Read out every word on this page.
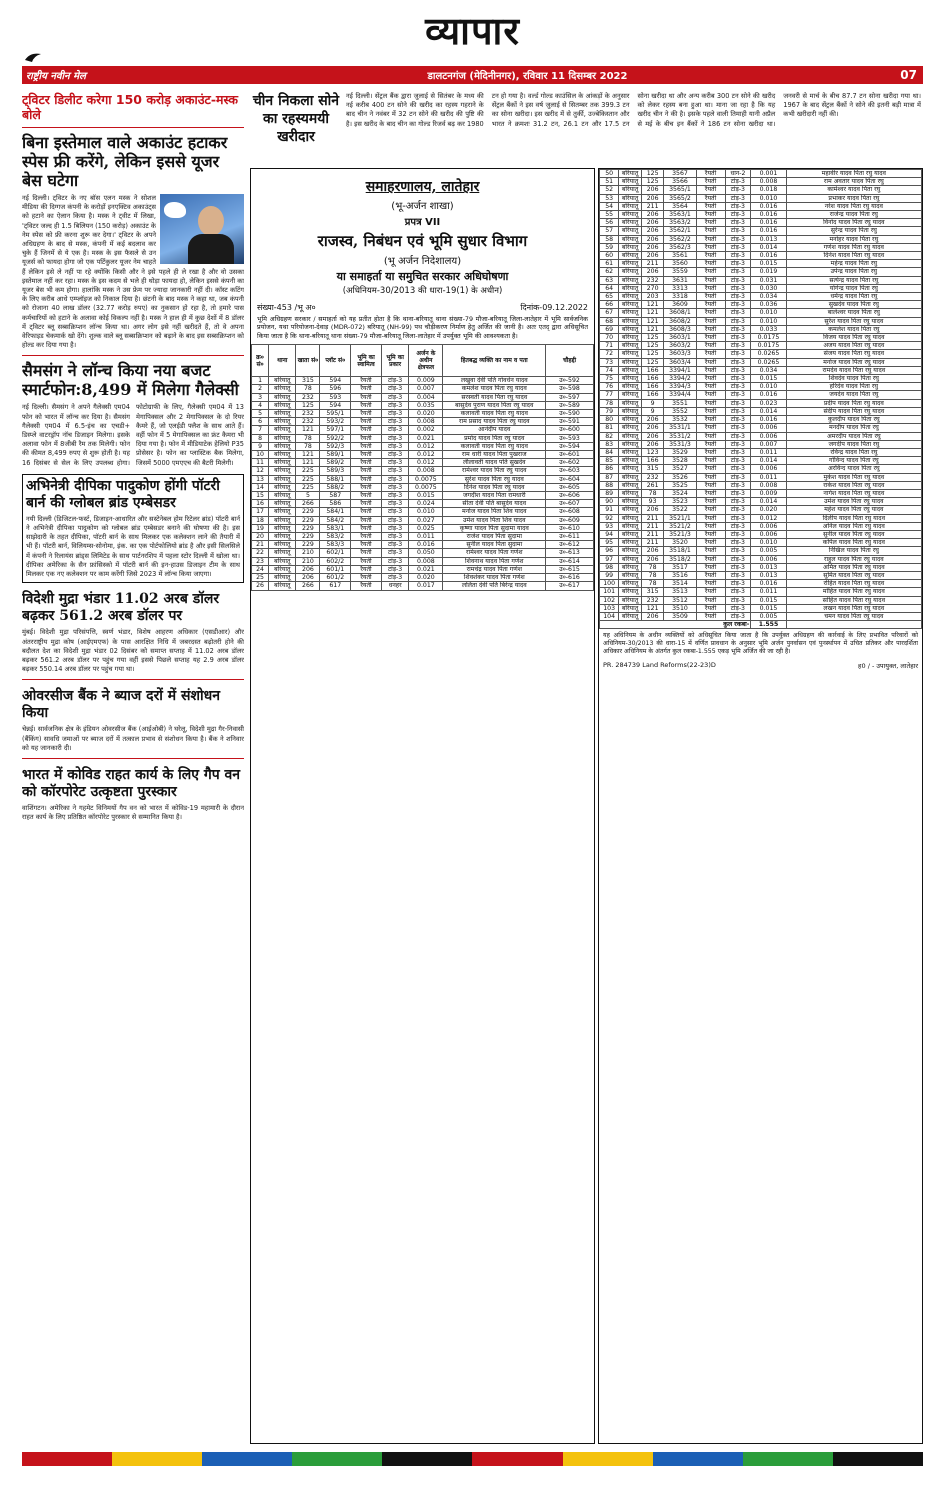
व्यापार
राष्ट्रीय नवीन मेल	डालटनगंज (मेदिनीनगर), रविवार 11 दिसम्बर 2022	07
ट्विटर डिलीट करेगा 150 करोड़ अकाउंट-मस्क बोले
बिना इस्तेमाल वाले अकाउंट हटाकर स्पेस फ्री करेंगे, लेकिन इससे यूजर बेस घटेगा
नई दिल्ली। ट्विटर के नए बॉस एलन मस्क ने सोशल मीडिया की दिग्गज कंपनी के करोड़ों इनएक्टिव अकाउंट्स को हटाने का ऐलान किया है। मस्क ने ट्वीट में लिखा, 'ट्विटर जल्द ही 1.5 बिलियन (150 करोड़) अकाउंट के नेम स्पेस को फ्री करना शुरू कर देगा।' ट्विटर के अपने अधिग्रहण के बाद से मस्क, कंपनी में कई बदलाव कर चुके हैं जिनमें से ये एक है। मस्क के इस फैसले से उन यूजर्स को फायदा होगा जो एक पर्टिकुलर यूजर नेम चाहते हैं लेकिन इसे ले नहीं पा रहे क्योंकि किसी और ने इसे पहले ही ले रखा है और वो उसका इस्तेमाल नहीं कर रहा। मस्क के इस कदम से भले ही थोड़ा फायदा हो, लेकिन इससे कंपनी का यूजर बेस भी कम होगा। हालांकि मस्क ने उस फ्रेम पर ज्यादा जानकारी नहीं दी। कॉस्ट कटिंग के लिए करीब आधे एम्प्लॉइज को निकाल दिया है। छंटनी के बाद मस्क ने कहा था, जब कंपनी को रोजाना 40 लाख डॉलर (32.77 करोड़ रुपए) का नुकसान हो रहा है, तो हमारे पास कर्मचारियों को हटाने के अलावा कोई विकल्प नहीं है। मस्क ने हाल ही में कुछ देशों में 8 डॉलर में ट्विटर ब्लू सब्सक्रिप्शन लॉन्च किया था। अगर लोग इसे नहीं खरीदते हैं, तो वे अपना वेरिफाइड चेकमार्क खो देंगे। शुल्क वाले ब्लू सब्सक्रिप्शन को बढ़ाने के बाद इस सब्सक्रिप्शन को होल्ड कर दिया गया है।
सैमसंग ने लॉन्च किया नया बजट स्मार्टफोन:8,499 में मिलेगा गैलेक्सी
नई दिल्ली। सैमसंग ने अपने गैलेक्सी एम04 फोन को भारत में लॉन्च कर दिया है। सैमसंग गैलेक्सी एम04 में 6.5-इंच का एचडी+ डिस्प्ले वाटरड्रॉप नॉच डिजाइन मिलेगा। इसके अलावा फोन में 8जीबी रैम तक मिलेगी। फोन की कीमत 8,499 रुपए से शुरू होती है। यह 16 दिसंबर से सेल के लिए उपलब्ध होगा। फोटोग्राफी के लिए, गैलेक्सी एम04 में 13 मेगापिक्सल और 2 मेगापिक्सल के दो रियर कैमरे हैं, जो एलईडी फ्लैश के साथ आते हैं। वहीं फोन में 5 मेगापिक्सल का फ्रंट कैमरा भी दिया गया है। फोन में मीडियाटेक हेलियो P35 प्रोसेसर है। फोन का प्लास्टिक बैक मिलेगा, जिसमें 5000 एमएएच की बैटरी मिलेगी।
अभिनेत्री दीपिका पादुकोण होंगी पॉटरी बार्न की ग्लोबल ब्रांड एम्बेसडर
नयी दिल्ली (डिजिटल-फर्स्ट, डिजाइन-आधारित और सस्टेनेबल होम रिटेलर ब्रांड) पॉटरी बार्न ने अभिनेत्री दीपिका पादुकोण को ग्लोबल ब्रांड एम्बेसडर बनाने की घोषणा की है। इस साझेदारी के तहत दीपिका, पॉटरी बार्न के साथ मिलकर एक कलेक्शन लाने की तैयारी में भी हैं। पॉटरी बार्न, विलियम्स-सोनोमा, इंक. का एक पोर्टफोलियो ब्रांड है और इसी सिलसिले में कंपनी ने रिलायंस ब्रांड्स लिमिटेड के साथ पार्टनरशिप में पहला स्टोर दिल्ली में खोला था। दीपिका अमेरिका के सैन फ्रांसिस्को में पॉटरी बार्न की इन-हाउस डिजाइन टीम के साथ मिलकर एक नए कलेक्शन पर काम करेंगी जिसे 2023 में लॉन्च किया जाएगा।
विदेशी मुद्रा भंडार 11.02 अरब डॉलर बढ़कर 561.2 अरब डॉलर पर
मुंबई। विदेशी मुद्रा परिसंपत्ति, स्वर्ण भंडार, विशेष आहरण अधिकार (एसडीआर) और अंतरराष्ट्रीय मुद्रा कोष (आईएमएफ) के पास आरक्षित निधि में जबरदस्त बढ़ोतरी होने की बदौलत देश का विदेशी मुद्रा भंडार 02 दिसंबर को समाप्त सप्ताह में 11.02 अरब डॉलर बढ़कर 561.2 अरब डॉलर पर पहुंच गया वहीं इससे पिछले सप्ताह यह 2.9 अरब डॉलर बढ़कर 550.14 अरब डॉलर पर पहुंच गया था।
ओवरसीज बैंक ने ब्याज दरों में संशोधन किया
चेन्नई। सार्वजनिक क्षेत्र के इंडियन ओवरसीज बैंक (आईओबी) ने घरेलू, विदेशी मुद्रा गैर-निवासी (बैंकिंग) सावधि जमाओं पर ब्याज दरों में तत्काल प्रभाव से संशोधन किया है। बैंक ने शनिवार को यह जानकारी दी।
भारत में कोविड राहत कार्य के लिए गैप वन को कॉरपोरेट उत्कृष्टता पुरस्कार
वाशिंगटन। अमेरिका ने गहमेट विनिमयों गैप वन को भारत में कोविड-19 महामारी के दौरान राहत कार्य के लिए प्रतिष्ठित कॉरपोरेट पुरस्कार से सम्मानित किया है।
चीन निकला सोने का रहस्यमयी खरीदार
नई दिल्ली। सेंट्रल बैंक द्वारा जुलाई से सितंबर के मध्य की नई करीब 400 टन सोने की खरीद का रहस्य गहराने के बाद चीन ने नवंबर में 32 टन सोने की खरीद की पुष्टि की है। इस खरीद के बाद चीन का गोल्ड रिजर्व बढ़ कर 1980 टन हो गया है। वर्ल्ड गोल्ड काउंसिल के आंकड़ों के अनुसार सेंट्रल बैंकों ने इस वर्ष जुलाई से सितम्बर तक 399.3 टन का सोना खरीदा। इस खरीद में से तुर्की, उज्बेकिस्तान और भारत ने क्रमशः 31.2 टन, 26.1 टन और 17.5 टन सोना खरीदा था और अन्य करीब 300 टन सोने की खरीद को लेकर रहस्य बना हुआ था। माना जा रहा है कि यह खरीद चीन ने की है। इसके पहले वाली तिमाही यानी अप्रैल से मई के बीच इन बैंकों ने 186 टन सोना खरीदा था। जनवरी से मार्च के बीच 87.7 टन सोना खरीदा गया था। 1967 के बाद सेंट्रल बैंकों ने सोने की इतनी बड़ी मात्रा में कभी खरीदारी नहीं की।
समाहरणालय, लातेहार
(भू-अर्जन शाखा)
प्रपत्र VII
राजस्व, निबंधन एवं भूमि सुधार विभाग
(भू अर्जन निदेशालय)
या समाहर्ता या समुचित सरकार अधिघोषणा
(अधिनियम-30/2013 की धारा-19(1) के अधीन)
संख्या-453 /भू अ०	दिनांक-09.12.2022
भूमि अधिग्रहण सरकार / समाहर्ता को यह प्रतीत होता है कि थाना-बरियातू थाना संख्या-79 मौजा-बरियातू जिला-लातेहार में भूमि सार्वजनिक प्रयोजन, यथा परियोजना-देवाड़ (MDR-072) बरियातू (NH-99) पथ चौड़ीकरण निर्माण हेतु अर्जित की जानी है। अतः एतद् द्वारा अधिसूचित किया जाता है कि थाना-बरियातू थाना संख्या-79 मौजा-बरियातू जिला-लातेहार में उपर्युक्त भूमि की आवश्यकता है।
क्र० सं०	थाना	खाता सं०	प्लॉट सं०	भूमि का स्वामित्व	भूमि का प्रकार	अर्जन के अधीन क्षेत्रफल	हितबद्ध व्यक्ति का नाम व पता	चौहद्दी
1	बरियातू	315	594	रैयती	टांड़-3	0.009	लखुवा देवी पति गोवर्धन यादव	उ०-592
2	बरियातू	78	596	रैयती	टांड़-3	0.007	कमलेश यादव पिता रघु यादव	उ०-598
3	बरियातू	232	593	रैयती	टांड़-3	0.004	सरस्वती यादव पिता रघु यादव	उ०-597
4	बरियातू	125	594	रैयती	टांड़-3	0.035	बासुदेव पुराण यादव पिता रघु यादव	उ०-589
5	बरियातू	232	595/1	रैयती	टांड़-3	0.020	कलावती यादव पिता रघु यादव	उ०-590
6	बरियातू	232	593/2	रैयती	टांड़-3	0.008	राम प्रसाद यादव पिता रघु यादव	उ०-591
7	बरियातू	121	597/1	रैयती	टांड़-3	0.002	आनंदीप यादव	उ०-600
8	बरियातू	78	592/2	रैयती	टांड़-3	0.021	प्रमोद यादव पिता रघु यादव	उ०-593
9	बरियातू	78	592/3	रैयती	टांड़-3	0.012	कलावती यादव पिता रघु यादव	उ०-594
10	बरियातू	121	589/1	रैयती	टांड़-3	0.012	राम धारी यादव पिता पुखराज	उ०-601
11	बरियातू	121	589/2	रैयती	टांड़-3	0.012	लीलावती यादव पति सुखदेव	उ०-602
12	बरियातू	225	589/3	रैयती	टांड़-3	0.008	रामेश्वर यादव पिता रघु यादव	उ०-603
13	बरियातू	225	588/1	रैयती	टांड़-3	0.0075	सुरेश यादव पिता रघु यादव	उ०-604
14	बरियातू	225	588/2	रैयती	टांड़-3	0.0075	दिनेश यादव पिता रघु यादव	उ०-605
15	बरियातू	5	587	रैयती	टांड़-3	0.015	जगदीश यादव पिता रामधारी	उ०-606
16	बरियातू	266	586	रैयती	टांड़-3	0.024	सीता देवी पति बासुदेव यादव	उ०-607
17	बरियातू	229	584/1	रैयती	टांड़-3	0.010	मनोज यादव पिता शिव यादव	उ०-608
18	बरियातू	229	584/2	रैयती	टांड़-3	0.027	उमेश यादव पिता शिव यादव	उ०-609
19	बरियातू	229	583/1	रैयती	टांड़-3	0.025	कृष्णा यादव पिता सुदामा यादव	उ०-610
20	बरियातू	229	583/2	रैयती	टांड़-3	0.011	राजेश यादव पिता सुदामा	उ०-611
21	बरियातू	229	583/3	रैयती	टांड़-3	0.016	सुनील यादव पिता सुदामा	उ०-612
22	बरियातू	210	602/1	रैयती	टांड़-3	0.050	रामेश्वर यादव पिता गणेश	उ०-613
23	बरियातू	210	602/2	रैयती	टांड़-3	0.008	शिवनाथ यादव पिता गणेश	उ०-614
24	बरियातू	206	601/1	रैयती	टांड़-3	0.021	रामचंद्र यादव पिता गणेश	उ०-615
25	बरियातू	206	601/2	रैयती	टांड़-3	0.020	शिवशंकर यादव पिता गणेश	उ०-616
26	बरियातू	266	617	रैयती	धनहर	0.017	ललिता देवी पति बिरेन्द्र यादव	उ०-617
50	बरियातू	125	3567	रैयती	धान-2	0.001	महावीर यादव पिता रघु यादव
51	बरियातू	125	3566	रैयती	टांड़-3	0.008	राम अवतार यादव पिता रघु
52	बरियातू	206	3565/1	रैयती	टांड़-3	0.018	कामेश्वर यादव पिता रघु
53	बरियातू	206	3565/2	रैयती	टांड़-3	0.010	प्रभाकर यादव पिता रघु
54	बरियातू	211	3564	रैयती	टांड़-3	0.016	नरेश यादव पिता रघु यादव
55	बरियातू	206	3563/1	रैयती	टांड़-3	0.016	राजेन्द्र यादव पिता रघु
56	बरियातू	206	3563/2	रैयती	टांड़-3	0.016	विनोद यादव पिता रघु यादव
57	बरियातू	206	3562/1	रैयती	टांड़-3	0.016	सुरेन्द्र यादव पिता रघु
58	बरियातू	206	3562/2	रैयती	टांड़-3	0.013	मनोहर यादव पिता रघु
59	बरियातू	206	3562/3	रैयती	टांड़-3	0.014	गणेश यादव पिता रघु यादव
60	बरियातू	206	3561	रैयती	टांड़-3	0.016	दिनेश यादव पिता रघु यादव
61	बरियातू	211	3560	रैयती	टांड़-3	0.015	महेन्द्र यादव पिता रघु
62	बरियातू	206	3559	रैयती	टांड़-3	0.019	उपेन्द्र यादव पिता रघु
63	बरियातू	232	3631	रैयती	टांड़-3	0.031	सत्येन्द्र यादव पिता रघु
64	बरियातू	270	3313	रैयती	टांड़-3	0.030	योगेन्द्र यादव पिता रघु
65	बरियातू	203	3318	रैयती	टांड़-3	0.034	धर्मेन्द्र यादव पिता रघु
66	बरियातू	121	3609	रैयती	टांड़-3	0.036	सुखदेव यादव पिता रघु
67	बरियातू	121	3608/1	रैयती	टांड़-3	0.010	बालेश्वर यादव पिता रघु
68	बरियातू	121	3608/2	रैयती	टांड़-3	0.010	सुरेश यादव पिता रघु यादव
69	बरियातू	121	3608/3	रैयती	टांड़-3	0.033	कमलेश यादव पिता रघु
70	बरियातू	125	3603/1	रैयती	टांड़-3	0.0175	विजय यादव पिता रघु यादव
71	बरियातू	125	3603/2	रैयती	टांड़-3	0.0175	अजय यादव पिता रघु यादव
72	बरियातू	125	3603/3	रैयती	टांड़-3	0.0265	संजय यादव पिता रघु यादव
73	बरियातू	125	3603/4	रैयती	टांड़-3	0.0265	मनोज यादव पिता रघु यादव
74	बरियातू	166	3394/1	रैयती	टांड़-3	0.034	रामदेव यादव पिता रघु यादव
75	बरियातू	166	3394/2	रैयती	टांड़-3	0.015	शिवदेव यादव पिता रघु
76	बरियातू	166	3394/3	रैयती	टांड़-3	0.010	हरिदेव यादव पिता रघु
77	बरियातू	166	3394/4	रैयती	टांड़-3	0.016	जयदेव यादव पिता रघु
78	बरियातू	9	3551	रैयती	टांड़-3	0.023	प्रदीप यादव पिता रघु यादव
79	बरियातू	9	3552	रैयती	टांड़-3	0.014	संदीप यादव पिता रघु यादव
80	बरियातू	206	3532	रैयती	टांड़-3	0.016	कुलदीप यादव पिता रघु
81	बरियातू	206	3531/1	रैयती	टांड़-3	0.006	मनदीप यादव पिता रघु
82	बरियातू	206	3531/2	रैयती	टांड़-3	0.006	अमरदीप यादव पिता रघु
83	बरियातू	206	3531/3	रैयती	टांड़-3	0.007	जगदीप यादव पिता रघु
84	बरियातू	123	3529	रैयती	टांड़-3	0.011	रविन्द्र यादव पिता रघु
85	बरियातू	166	3528	रैयती	टांड़-3	0.014	गोविन्द यादव पिता रघु
86	बरियातू	315	3527	रैयती	टांड़-3	0.006	अरविन्द यादव पिता रघु
87	बरियातू	232	3526	रैयती	टांड़-3	0.011	मुकेश यादव पिता रघु यादव
88	बरियातू	261	3525	रैयती	टांड़-3	0.008	राकेश यादव पिता रघु यादव
89	बरियातू	78	3524	रैयती	टांड़-3	0.009	नागेश यादव पिता रघु यादव
90	बरियातू	93	3523	रैयती	टांड़-3	0.014	उमेश यादव पिता रघु यादव
91	बरियातू	206	3522	रैयती	टांड़-3	0.020	महेश यादव पिता रघु यादव
92	बरियातू	211	3521/1	रैयती	टांड़-3	0.012	दिलीप यादव पिता रघु यादव
93	बरियातू	211	3521/2	रैयती	टांड़-3	0.006	अनिल यादव पिता रघु यादव
94	बरियातू	211	3521/3	रैयती	टांड़-3	0.006	सुनील यादव पिता रघु यादव
95	बरियातू	211	3520	रैयती	टांड़-3	0.010	कपिल यादव पिता रघु यादव
96	बरियातू	206	3518/1	रैयती	टांड़-3	0.005	निखिल यादव पिता रघु
97	बरियातू	206	3518/2	रैयती	टांड़-3	0.006	राहुल यादव पिता रघु यादव
98	बरियातू	78	3517	रैयती	टांड़-3	0.013	अमित यादव पिता रघु यादव
99	बरियातू	78	3516	रैयती	टांड़-3	0.013	सुमित यादव पिता रघु यादव
100	बरियातू	78	3514	रैयती	टांड़-3	0.016	रोहित यादव पिता रघु यादव
101	बरियातू	315	3513	रैयती	टांड़-3	0.011	मोहित यादव पिता रघु यादव
102	बरियातू	232	3512	रैयती	टांड़-3	0.015	सोहित यादव पिता रघु यादव
103	बरियातू	121	3510	रैयती	टांड़-3	0.015	लखन यादव पिता रघु यादव
104	बरियातू	206	3509	रैयती	टांड़-3	0.005	चमन यादव पिता रघु यादव
कुल रकबा-						1.555	
यह अधिनियम के अधीन व्यक्तियों को अधिसूचित किया जाता है कि उपर्युक्त अधिग्रहण की कार्रवाई के लिए प्रभावित परिवारों को अधिनियम-30/2013 की धारा-15 में वर्णित प्रावधान के अनुसार भूमि अर्जन पुनर्वासन एवं पुनर्स्थापन में उचित प्रतिकर और पारदर्शिता अधिकार अधिनियम के अंतर्गत कुल रकबा-1.555 एकड़ भूमि अर्जित की जा रही है।
PR. 284739 Land Reforms(22-23)D	ह0 / - उपायुक्त, लातेहार
